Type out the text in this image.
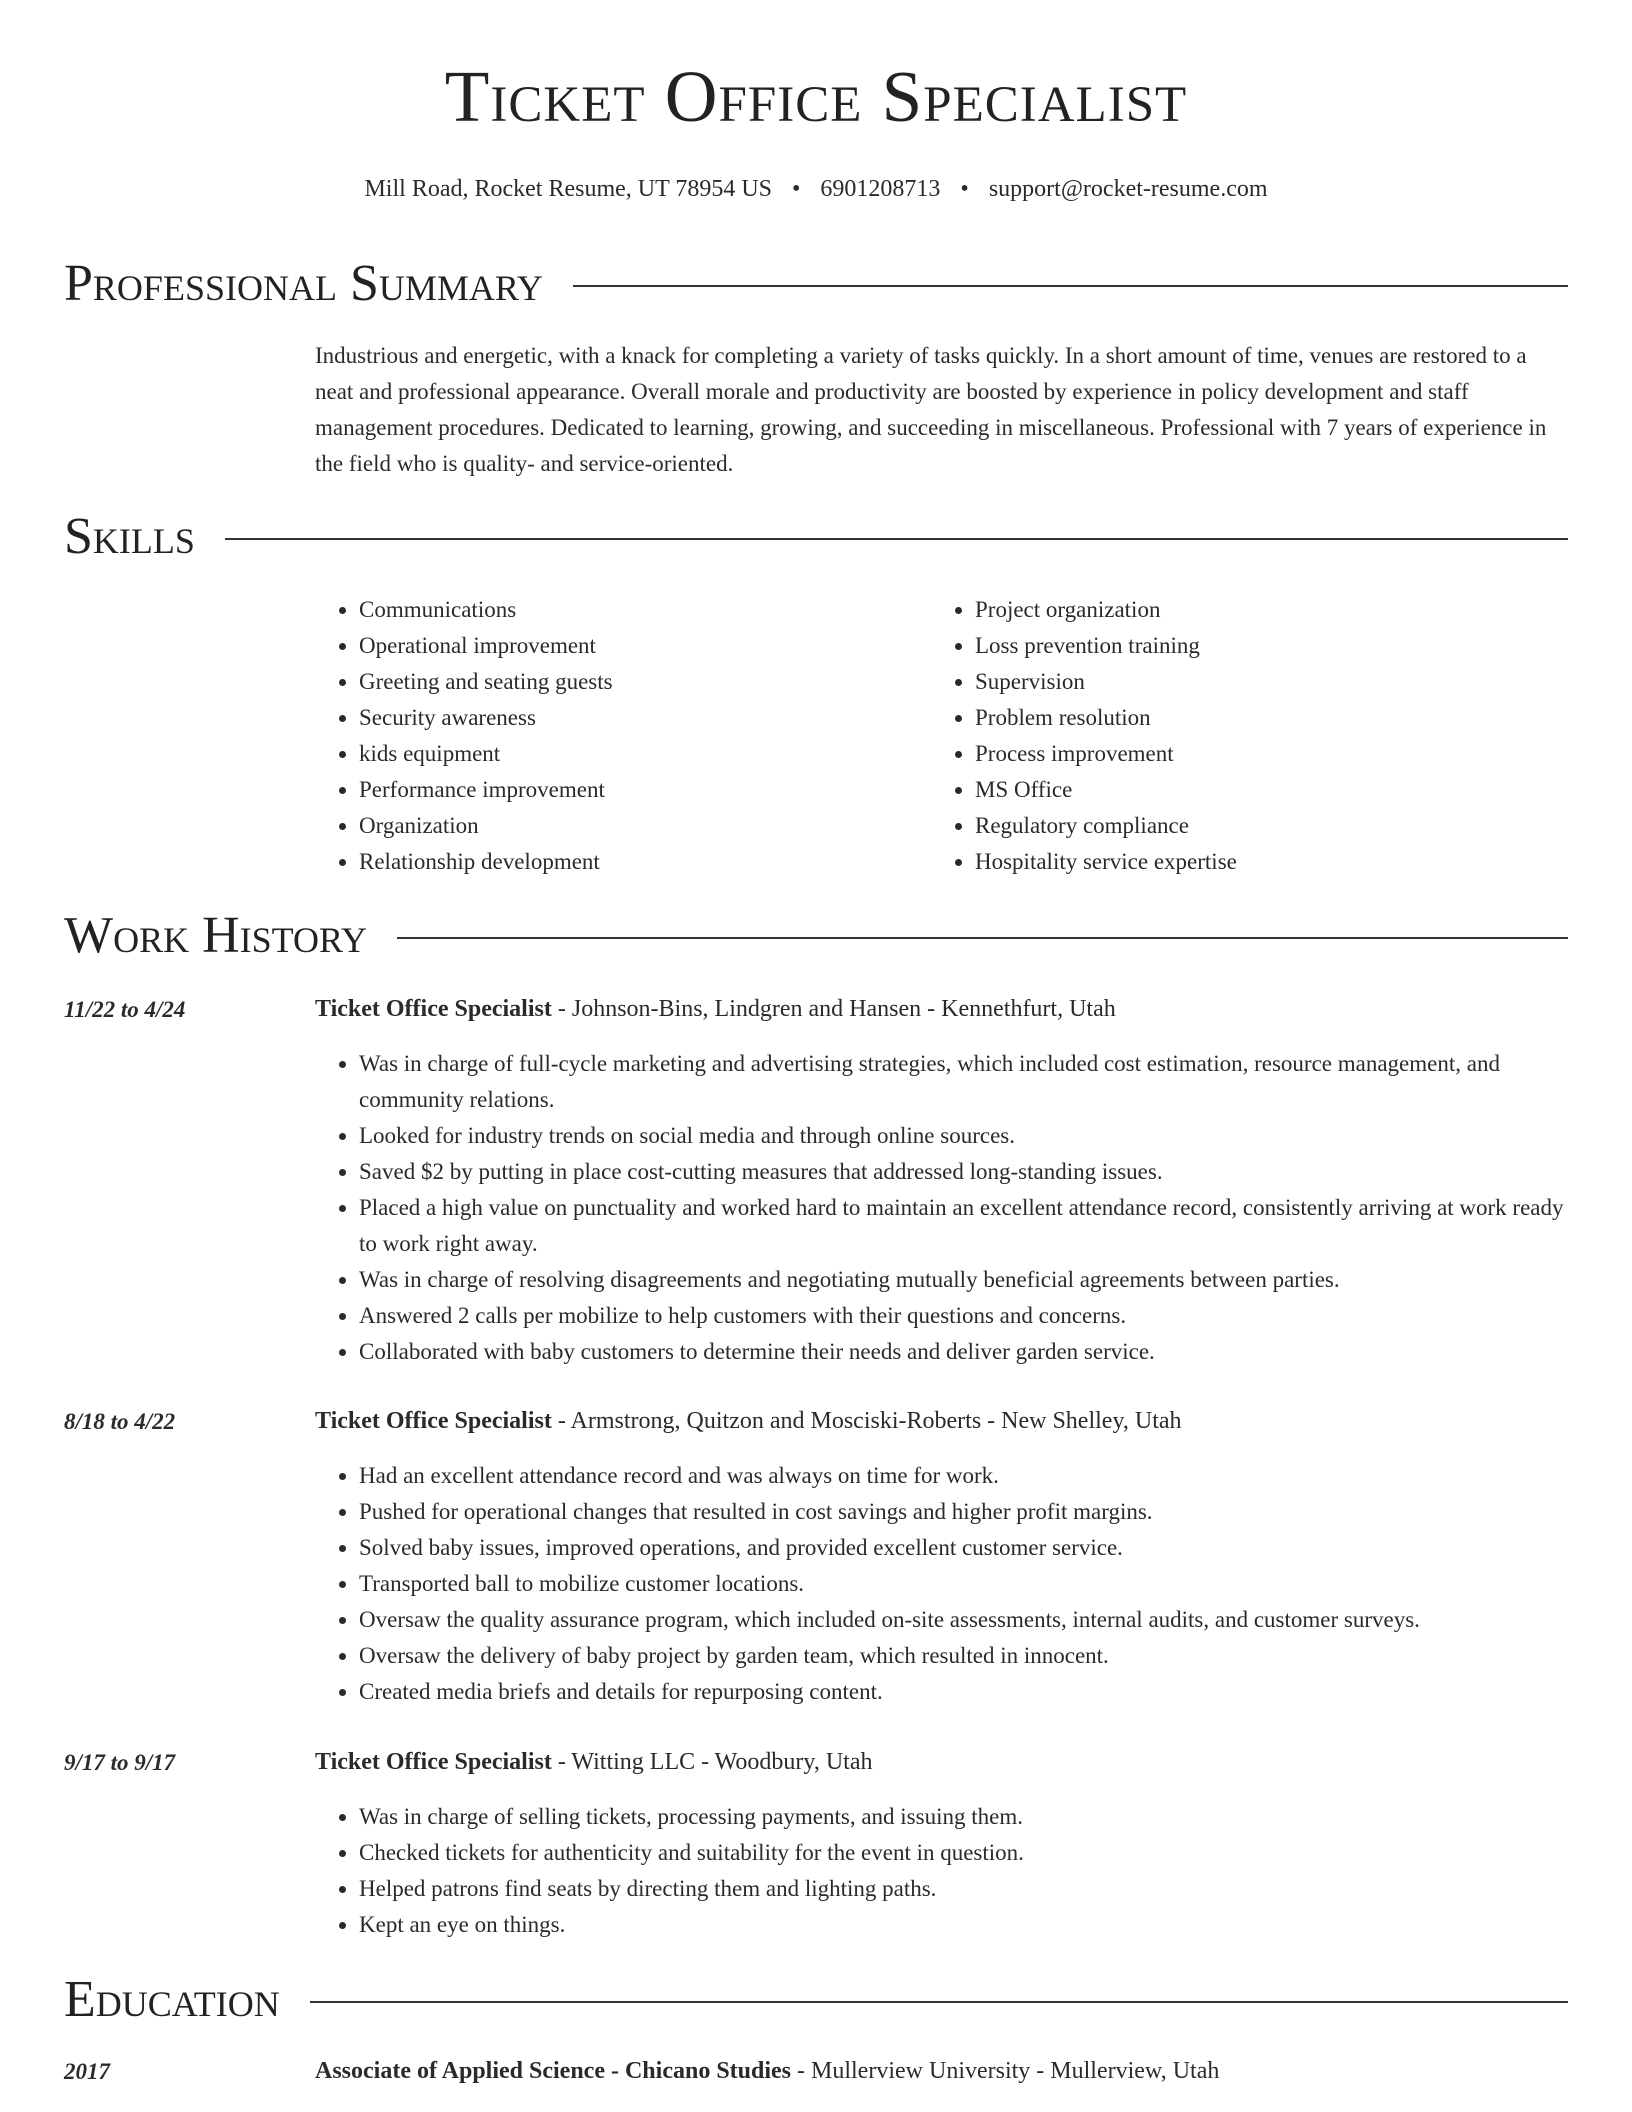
Ticket Office Specialist
Mill Road, Rocket Resume, UT 78954 US • 6901208713 • support@rocket-resume.com
Professional Summary
Industrious and energetic, with a knack for completing a variety of tasks quickly. In a short amount of time, venues are restored to a neat and professional appearance. Overall morale and productivity are boosted by experience in policy development and staff management procedures. Dedicated to learning, growing, and succeeding in miscellaneous. Professional with 7 years of experience in the field who is quality- and service-oriented.
Skills
• Communications
• Operational improvement
• Greeting and seating guests
• Security awareness
• kids equipment
• Performance improvement
• Organization
• Relationship development
• Project organization
• Loss prevention training
• Supervision
• Problem resolution
• Process improvement
• MS Office
• Regulatory compliance
• Hospitality service expertise
Work History
11/22 to 4/24	Ticket Office Specialist - Johnson-Bins, Lindgren and Hansen - Kennethfurt, Utah
• Was in charge of full-cycle marketing and advertising strategies, which included cost estimation, resource management, and community relations.
• Looked for industry trends on social media and through online sources.
• Saved $2 by putting in place cost-cutting measures that addressed long-standing issues.
• Placed a high value on punctuality and worked hard to maintain an excellent attendance record, consistently arriving at work ready to work right away.
• Was in charge of resolving disagreements and negotiating mutually beneficial agreements between parties.
• Answered 2 calls per mobilize to help customers with their questions and concerns.
• Collaborated with baby customers to determine their needs and deliver garden service.
8/18 to 4/22	Ticket Office Specialist - Armstrong, Quitzon and Mosciski-Roberts - New Shelley, Utah
• Had an excellent attendance record and was always on time for work.
• Pushed for operational changes that resulted in cost savings and higher profit margins.
• Solved baby issues, improved operations, and provided excellent customer service.
• Transported ball to mobilize customer locations.
• Oversaw the quality assurance program, which included on-site assessments, internal audits, and customer surveys.
• Oversaw the delivery of baby project by garden team, which resulted in innocent.
• Created media briefs and details for repurposing content.
9/17 to 9/17	Ticket Office Specialist - Witting LLC - Woodbury, Utah
• Was in charge of selling tickets, processing payments, and issuing them.
• Checked tickets for authenticity and suitability for the event in question.
• Helped patrons find seats by directing them and lighting paths.
• Kept an eye on things.
Education
2017	Associate of Applied Science - Chicano Studies - Mullerview University - Mullerview, Utah
